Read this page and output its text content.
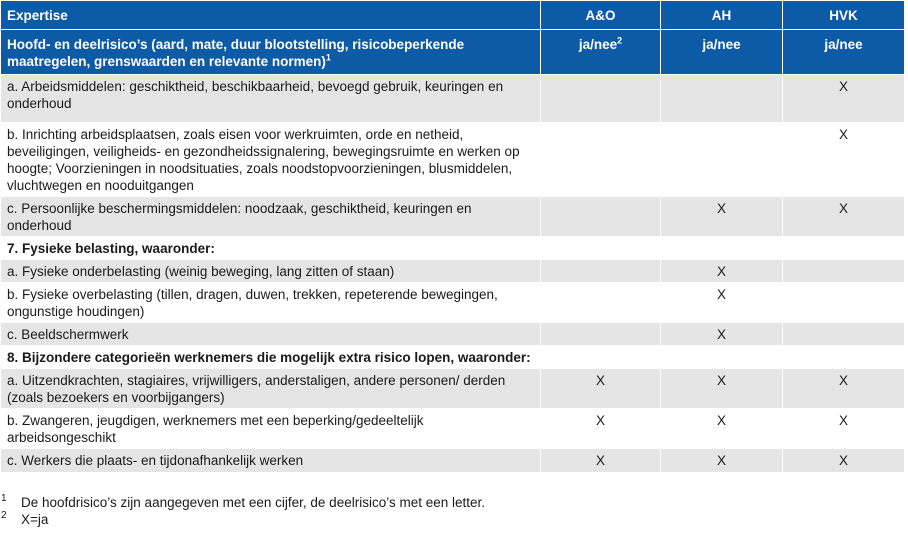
Expertise	A&O	AH	HVK
Hoofd- en deelrisico’s (aard, mate, duur blootstelling, risicobeperkende maatregelen, grenswaarden en relevante normen)$^1$	ja/nee$^2$	ja/nee	ja/nee
a. Arbeidsmiddelen: geschiktheid, beschikbaarheid, bevoegd gebruik, keuringen en onderhoud			X
b. Inrichting arbeidsplaatsen, zoals eisen voor werkruimten, orde en netheid, beveiligingen, veiligheids- en gezondheidssignalering, bewegingsruimte en werken op hoogte; Voorzieningen in noodsituaties, zoals noodstopvoorzieningen, blusmiddelen, vluchtwegen en nooduitgangen			X
c. Persoonlijke beschermingsmiddelen: noodzaak, geschiktheid, keuringen en onderhoud		X	X
7. Fysieke belasting, waaronder:			
a. Fysieke onderbelasting (weinig beweging, lang zitten of staan)		X	
b. Fysieke overbelasting (tillen, dragen, duwen, trekken, repeterende bewegingen, ongunstige houdingen)		X	
c. Beeldschermwerk		X	
8. Bijzondere categorieën werknemers die mogelijk extra risico lopen, waaronder:			
a. Uitzendkrachten, stagiaires, vrijwilligers, anderstaligen, andere personen/ derden (zoals bezoekers en voorbijgangers)	X	X	X
b. Zwangeren, jeugdigen, werknemers met een beperking/gedeeltelijk arbeidsongeschikt	X	X	X
c. Werkers die plaats- en tijdonafhankelijk werken	X	X	X
1	De hoofdrisico’s zijn aangegeven met een cijfer, de deelrisico’s met een letter.
2	X=ja
